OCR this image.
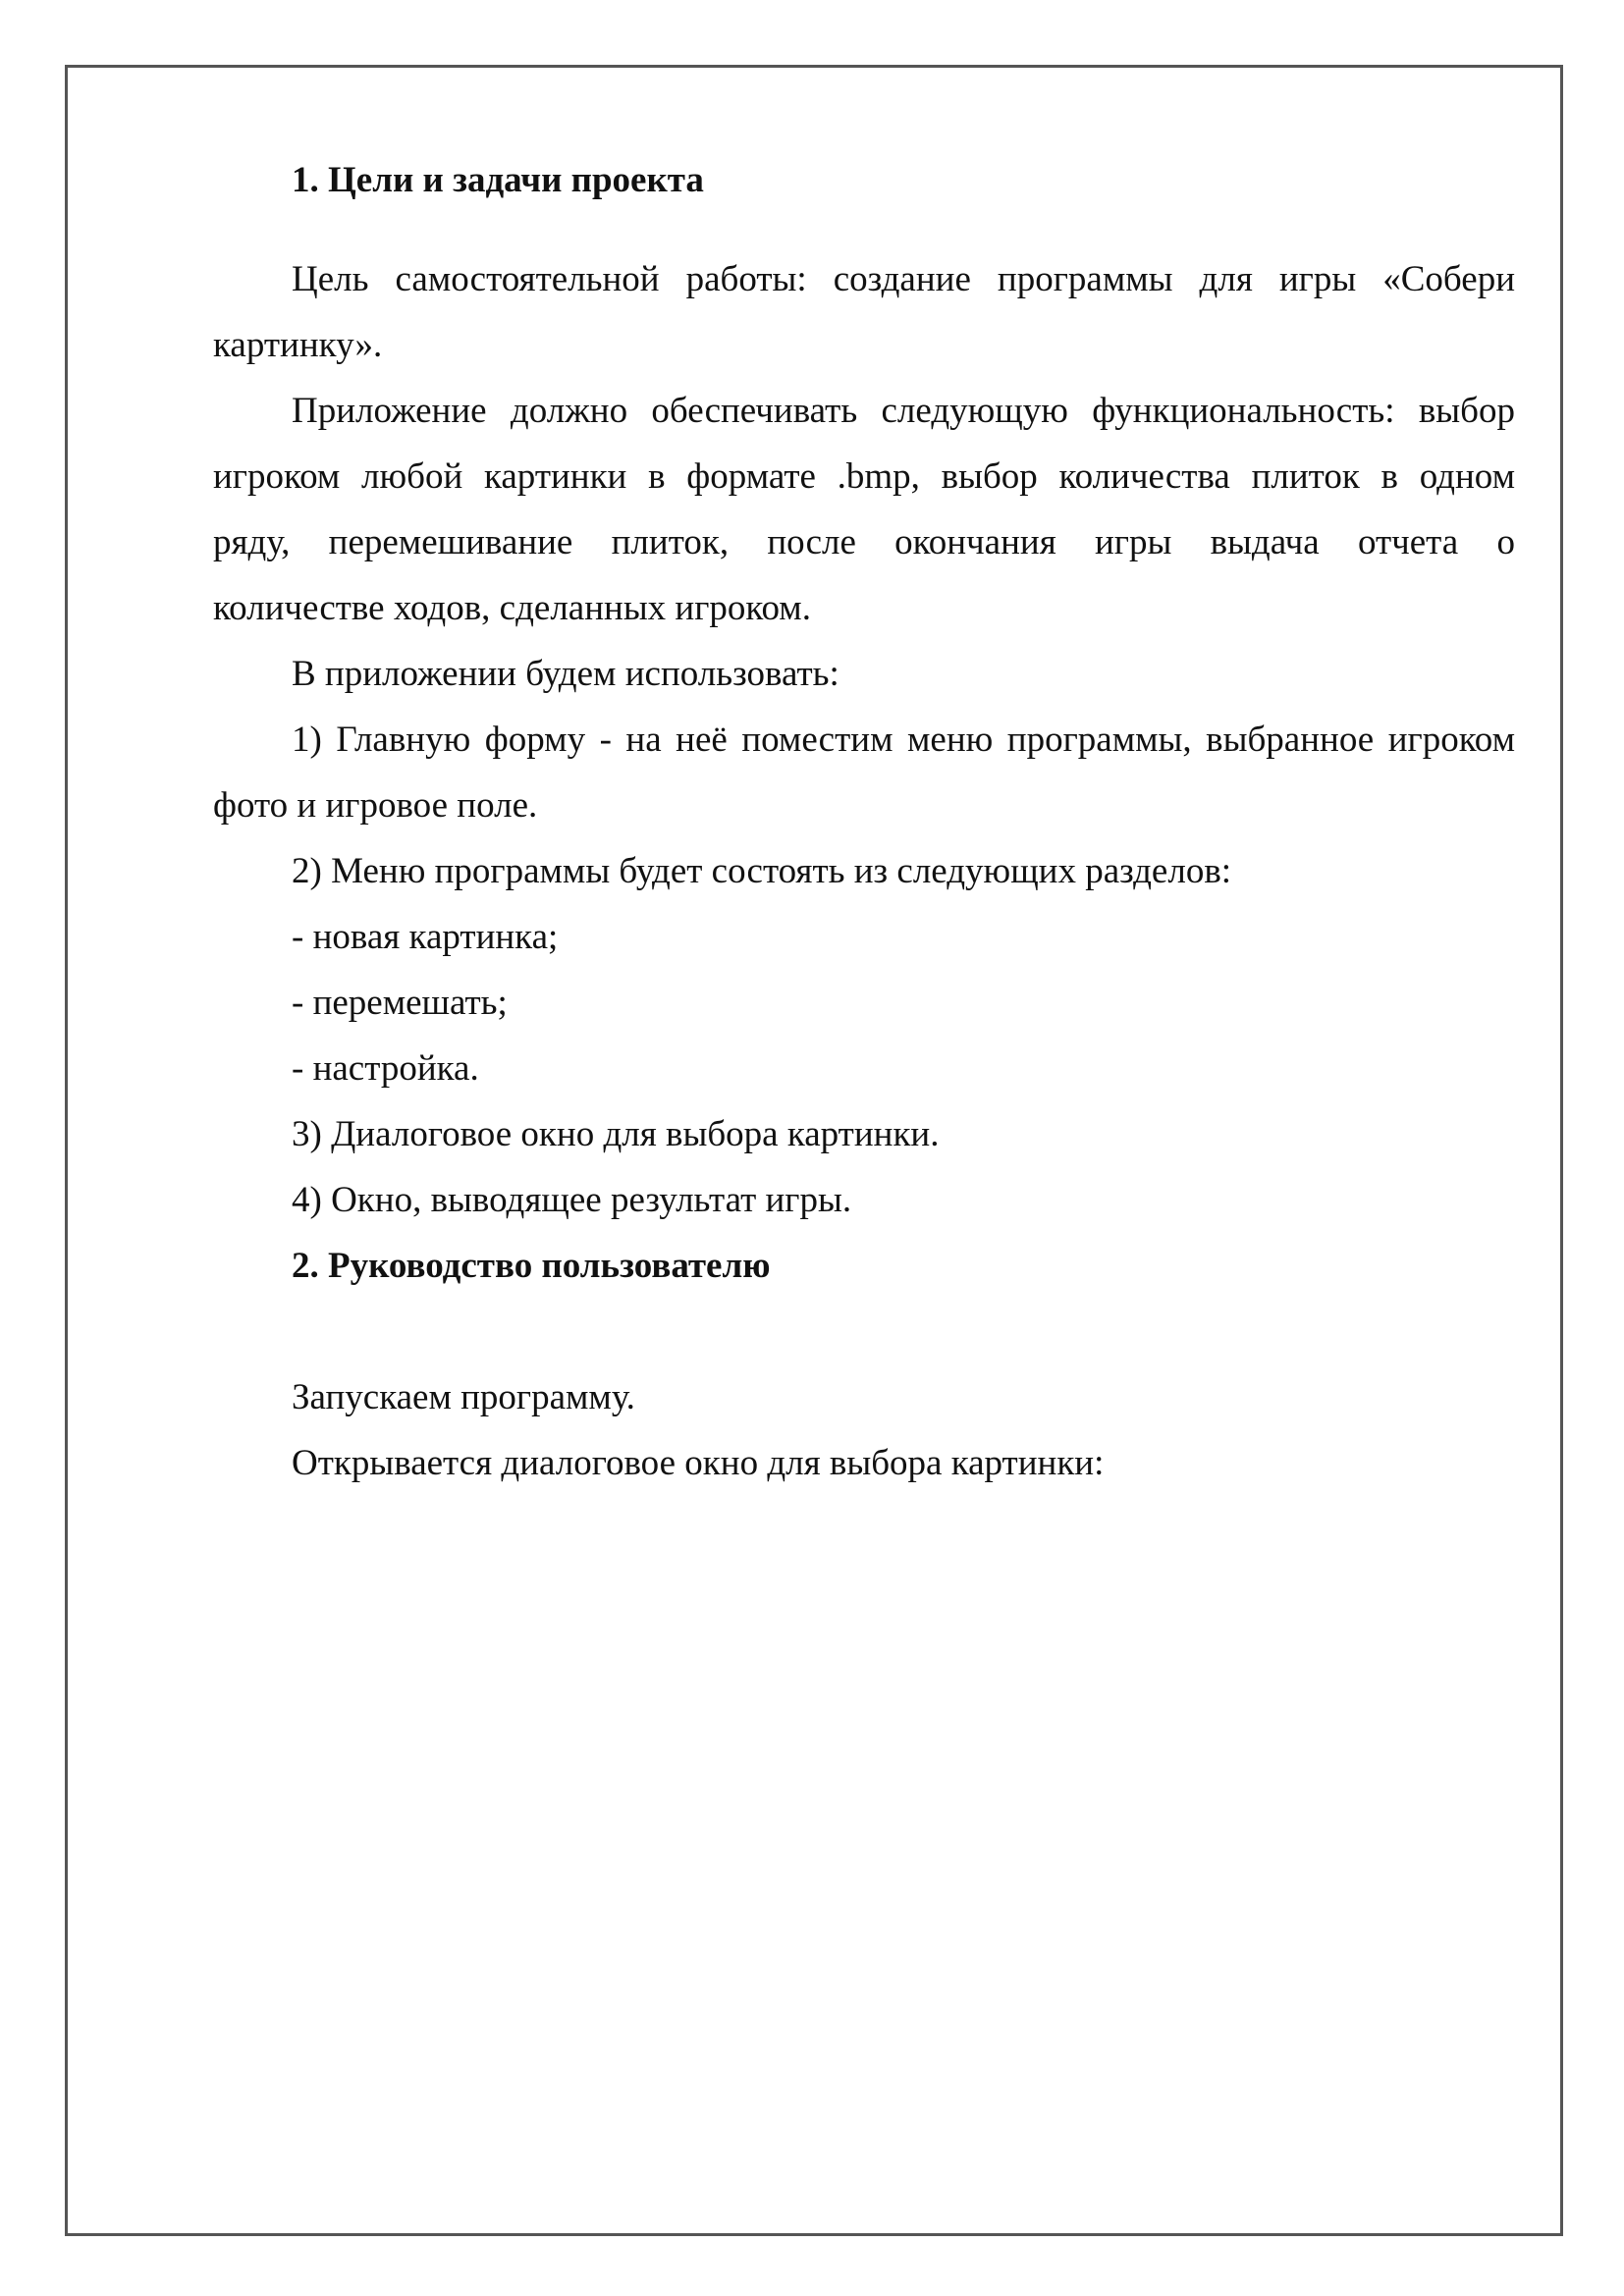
1. Цели и задачи проекта

Цель самостоятельной работы: создание программы для игры «Собери

картинку».

Приложение должно обеспечивать следующую функциональность: выбор

игроком любой картинки в формате .bmp, выбор количества плиток в одном

ряду, перемешивание плиток, после окончания игры выдача отчета о

количестве ходов, сделанных игроком.

В приложении будем использовать:

1) Главную форму - на неё поместим меню программы, выбранное игроком

фото и игровое поле.

2) Меню программы будет состоять из следующих разделов:

- новая картинка;

- перемешать;

- настройка.

3) Диалоговое окно для выбора картинки.

4) Окно, выводящее результат игры.

2. Руководство пользователю

Запускаем программу.

Открывается диалоговое окно для выбора картинки:
